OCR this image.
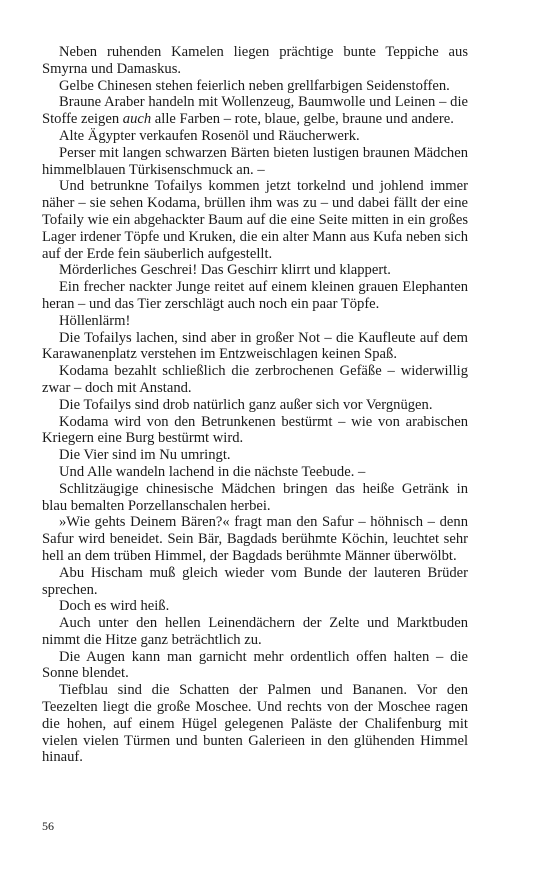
Neben ruhenden Kamelen liegen prächtige bunte Teppiche aus Smyrna und Damaskus.

Gelbe Chinesen stehen feierlich neben grellfarbigen Seidenstoffen.

Braune Araber handeln mit Wollenzeug, Baumwolle und Leinen – die Stoffe zeigen auch alle Farben – rote, blaue, gelbe, braune und andere.

Alte Ägypter verkaufen Rosenöl und Räucherwerk.

Perser mit langen schwarzen Bärten bieten lustigen braunen Mädchen himmelblauen Türkisenschmuck an. –

Und betrunkne Tofailys kommen jetzt torkelnd und johlend immer näher – sie sehen Kodama, brüllen ihm was zu – und dabei fällt der eine Tofaily wie ein abgehackter Baum auf die eine Seite mitten in ein großes Lager irdener Töpfe und Kruken, die ein alter Mann aus Kufa neben sich auf der Erde fein säuberlich aufgestellt.

Mörderliches Geschrei! Das Geschirr klirrt und klappert.

Ein frecher nackter Junge reitet auf einem kleinen grauen Elephanten heran – und das Tier zerschlägt auch noch ein paar Töpfe.

Höllenlärm!

Die Tofailys lachen, sind aber in großer Not – die Kaufleute auf dem Karawanenplatz verstehen im Entzweischlagen keinen Spaß.

Kodama bezahlt schließlich die zerbrochenen Gefäße – widerwillig zwar – doch mit Anstand.

Die Tofailys sind drob natürlich ganz außer sich vor Vergnügen.

Kodama wird von den Betrunkenen bestürmt – wie von arabischen Kriegern eine Burg bestürmt wird.

Die Vier sind im Nu umringt.

Und Alle wandeln lachend in die nächste Teebude. –

Schlitzäugige chinesische Mädchen bringen das heiße Getränk in blau bemalten Porzellanschalen herbei.

»Wie gehts Deinem Bären?« fragt man den Safur – höhnisch – denn Safur wird beneidet. Sein Bär, Bagdads berühmte Köchin, leuchtet sehr hell an dem trüben Himmel, der Bagdads berühmte Männer überwölbt.

Abu Hischam muß gleich wieder vom Bunde der lauteren Brüder sprechen.

Doch es wird heiß.

Auch unter den hellen Leinendächern der Zelte und Marktbuden nimmt die Hitze ganz beträchtlich zu.

Die Augen kann man garnicht mehr ordentlich offen halten – die Sonne blendet.

Tiefblau sind die Schatten der Palmen und Bananen. Vor den Teezelten liegt die große Moschee. Und rechts von der Moschee ragen die hohen, auf einem Hügel gelegenen Paläste der Chalifenburg mit vielen vielen Türmen und bunten Galerieen in den glühenden Himmel hinauf.

56
